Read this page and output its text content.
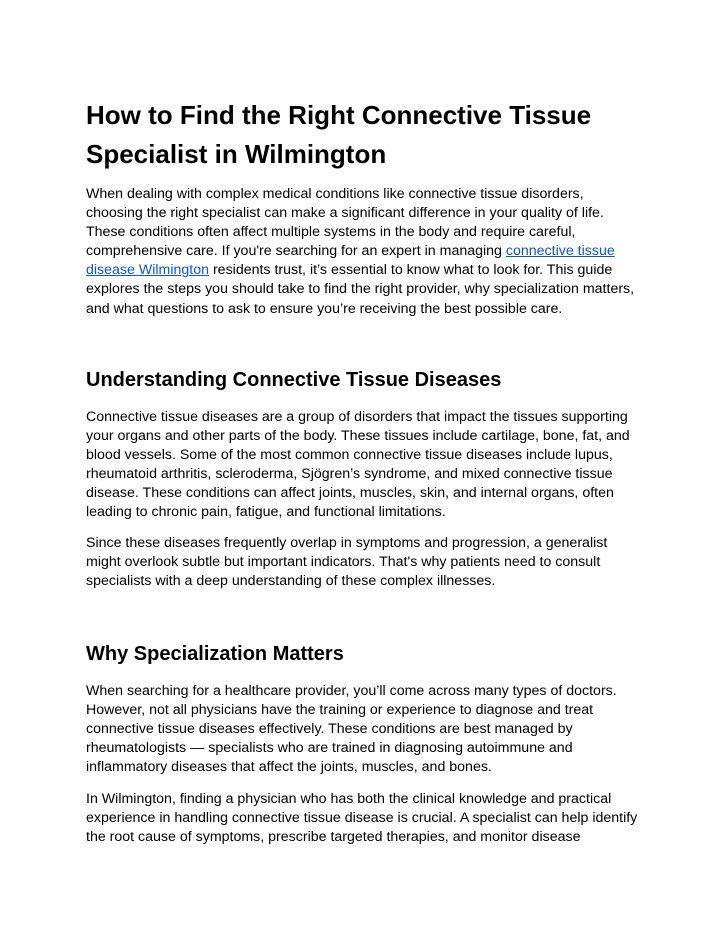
How to Find the Right Connective Tissue Specialist in Wilmington

When dealing with complex medical conditions like connective tissue disorders, choosing the right specialist can make a significant difference in your quality of life. These conditions often affect multiple systems in the body and require careful, comprehensive care. If you're searching for an expert in managing connective tissue disease Wilmington residents trust, it’s essential to know what to look for. This guide explores the steps you should take to find the right provider, why specialization matters, and what questions to ask to ensure you’re receiving the best possible care.

Understanding Connective Tissue Diseases

Connective tissue diseases are a group of disorders that impact the tissues supporting your organs and other parts of the body. These tissues include cartilage, bone, fat, and blood vessels. Some of the most common connective tissue diseases include lupus, rheumatoid arthritis, scleroderma, Sjögren’s syndrome, and mixed connective tissue disease. These conditions can affect joints, muscles, skin, and internal organs, often leading to chronic pain, fatigue, and functional limitations.

Since these diseases frequently overlap in symptoms and progression, a generalist might overlook subtle but important indicators. That's why patients need to consult specialists with a deep understanding of these complex illnesses.

Why Specialization Matters

When searching for a healthcare provider, you’ll come across many types of doctors. However, not all physicians have the training or experience to diagnose and treat connective tissue diseases effectively. These conditions are best managed by rheumatologists — specialists who are trained in diagnosing autoimmune and inflammatory diseases that affect the joints, muscles, and bones.

In Wilmington, finding a physician who has both the clinical knowledge and practical experience in handling connective tissue disease is crucial. A specialist can help identify the root cause of symptoms, prescribe targeted therapies, and monitor disease
